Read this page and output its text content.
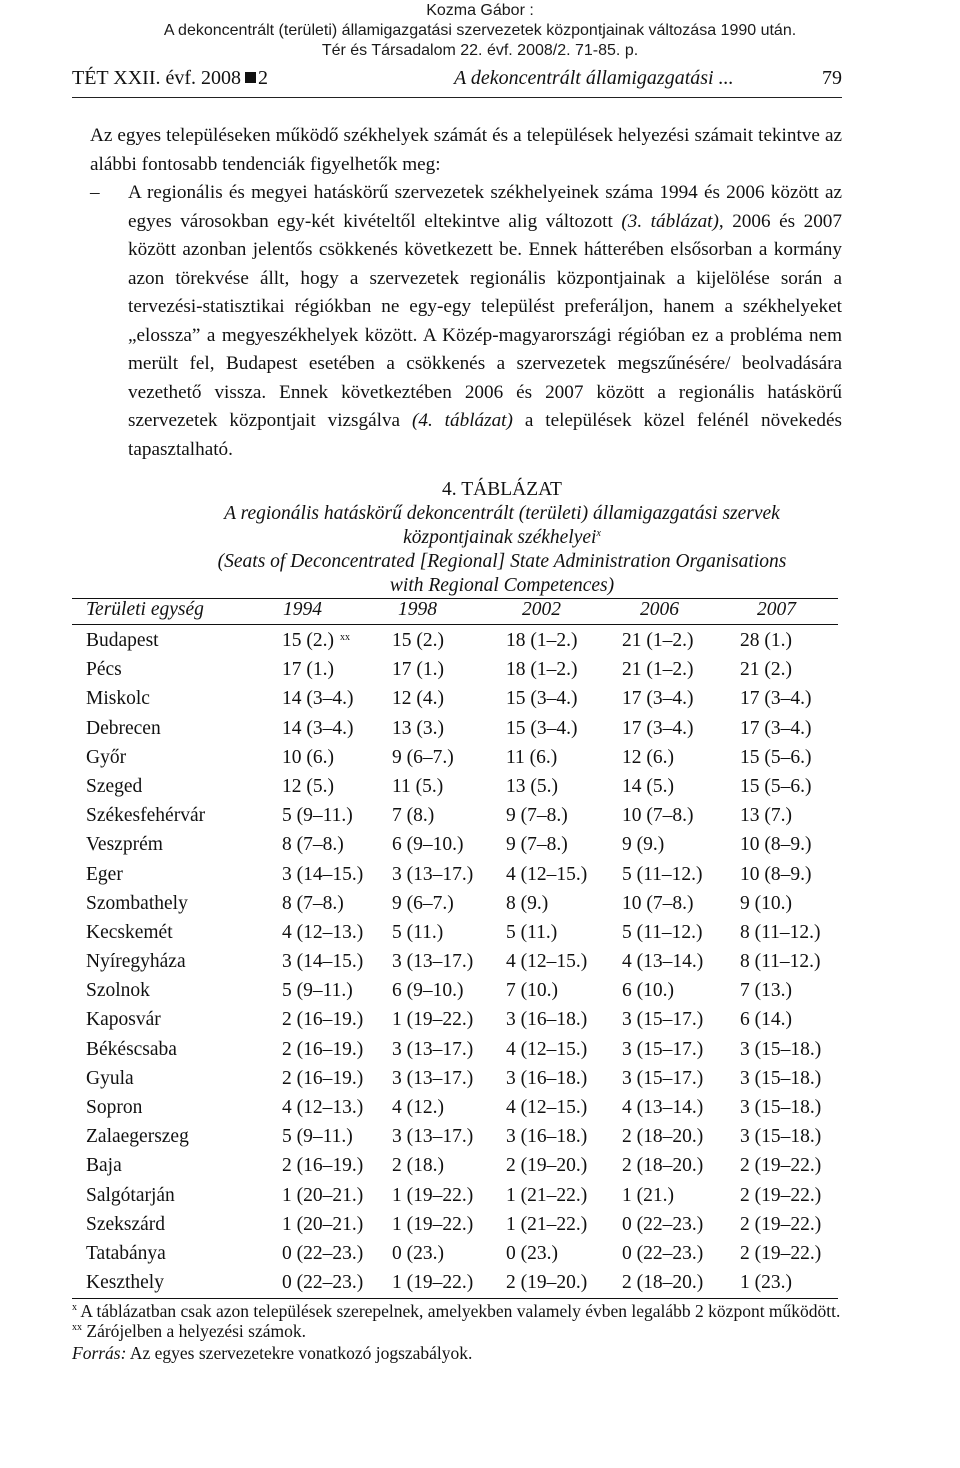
Kozma Gábor :
A dekoncentrált (területi) államigazgatási szervezetek központjainak változása 1990 után.
Tér és Társadalom 22. évf. 2008/2. 71-85. p.
TÉT XXII. évf. 2008 2	A dekoncentrált államigazgatási ...	79

Az egyes településeken működő székhelyek számát és a települések helyezési számait tekintve az alábbi fontosabb tendenciák figyelhetők meg:

– A regionális és megyei hatáskörű szervezetek székhelyeinek száma 1994 és 2006 között az egyes városokban egy-két kivételtől eltekintve alig változott (3. táblázat), 2006 és 2007 között azonban jelentős csökkenés következett be. Ennek hátterében elsősorban a kormány azon törekvése állt, hogy a szervezetek regionális központjainak a kijelölése során a tervezési-statisztikai régiókban ne egy-egy települést preferáljon, hanem a székhelyeket „elossza” a megyeszékhelyek között. A Közép-magyarországi régióban ez a probléma nem merült fel, Budapest esetében a csökkenés a szervezetek megszűnésére/ beolvadására vezethető vissza. Ennek következtében 2006 és 2007 között a regionális hatáskörű szervezetek központjait vizsgálva (4. táblázat) a települések közel felénél növekedés tapasztalható.

4. TÁBLÁZAT
A regionális hatáskörű dekoncentrált (területi) államigazgatási szervek
központjainak székhelyei$^x$
(Seats of Deconcentrated [Regional] State Administration Organisations
with Regional Competences)
Területi egység	1994	1998	2002	2006	2007
Budapest	15 (2.) xx 15 (2.)	18 (1–2.) 21 (1–2.) 28 (1.)
Pécs	17 (1.)	17 (1.)	18 (1–2.) 21 (1–2.) 21 (2.)
Miskolc	14 (3–4.) 12 (4.)	15 (3–4.) 17 (3–4.) 17 (3–4.)
Debrecen	14 (3–4.) 13 (3.)	15 (3–4.) 17 (3–4.) 17 (3–4.)
Győr	10 (6.)	9 (6–7.)	11 (6.)	12 (6.)	15 (5–6.)
Szeged	12 (5.)	11 (5.)	13 (5.)	14 (5.)	15 (5–6.)
Székesfehérvár	5 (9–11.) 7 (8.)	9 (7–8.)	10 (7–8.) 13 (7.)
Veszprém	8 (7–8.) 6 (9–10.) 9 (7–8.)	9 (9.)	10 (8–9.)
Eger	3 (14–15.) 3 (13–17.) 4 (12–15.) 5 (11–12.) 10 (8–9.)
Szombathely	8 (7–8.) 9 (6–7.)	8 (9.)	10 (7–8.) 9 (10.)
Kecskemét	4 (12–13.) 5 (11.)	5 (11.)	5 (11–12.) 8 (11–12.)
Nyíregyháza	3 (14–15.) 3 (13–17.) 4 (12–15.) 4 (13–14.) 8 (11–12.)
Szolnok	5 (9–11.) 6 (9–10.) 7 (10.)	6 (10.)	7 (13.)
Kaposvár	2 (16–19.) 1 (19–22.) 3 (16–18.) 3 (15–17.) 6 (14.)
Békéscsaba	2 (16–19.) 3 (13–17.) 4 (12–15.) 3 (15–17.) 3 (15–18.)
Gyula	2 (16–19.) 3 (13–17.) 3 (16–18.) 3 (15–17.) 3 (15–18.)
Sopron	4 (12–13.) 4 (12.)	4 (12–15.) 4 (13–14.) 3 (15–18.)
Zalaegerszeg	5 (9–11.) 3 (13–17.) 3 (16–18.) 2 (18–20.) 3 (15–18.)
Baja	2 (16–19.) 2 (18.)	2 (19–20.) 2 (18–20.) 2 (19–22.)
Salgótarján	1 (20–21.) 1 (19–22.) 1 (21–22.) 1 (21.)	2 (19–22.)
Szekszárd	1 (20–21.) 1 (19–22.) 1 (21–22.) 0 (22–23.) 2 (19–22.)
Tatabánya	0 (22–23.) 0 (23.)	0 (23.)	0 (22–23.) 2 (19–22.)
Keszthely	0 (22–23.) 1 (19–22.) 2 (19–20.) 2 (18–20.) 1 (23.)
$^x$ A táblázatban csak azon települések szerepelnek, amelyekben valamely évben legalább 2 központ működött. $^{xx}$ Zárójelben a helyezési számok.
Forrás: Az egyes szervezetekre vonatkozó jogszabályok.
